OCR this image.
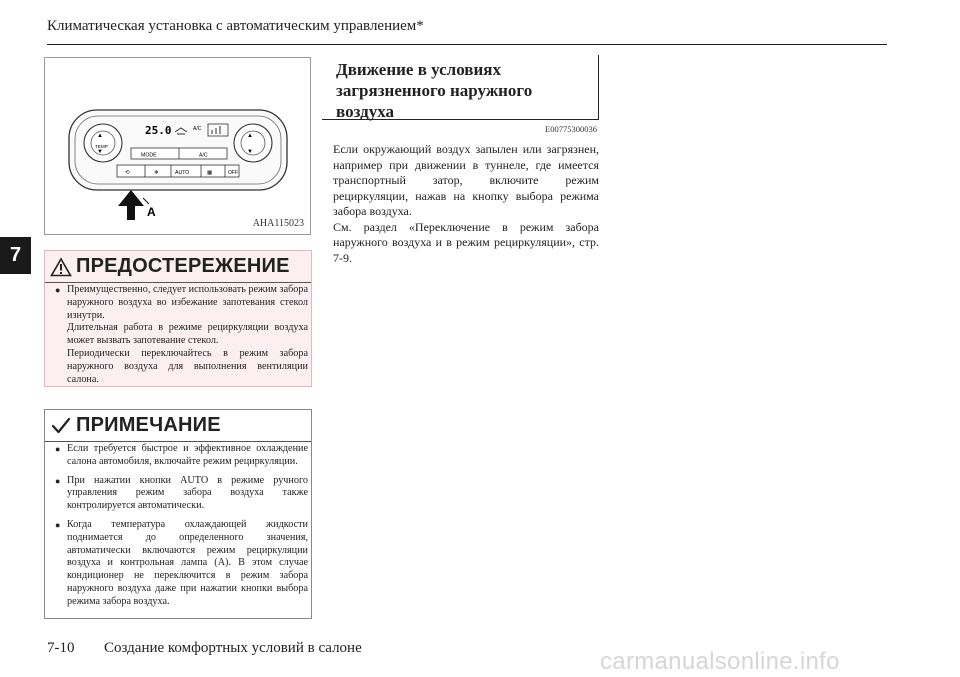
Климатическая установка с автоматическим управлением*
7
▲
▼
TEMP
▲
▼
25.0	A/C
MODE	A/C
⟲	❄	AUTO	▦	OFF
A
AHA115023
ПРЕДОСТЕРЕЖЕНИЕ

● Преимущественно, следует использовать режим забора наружного воздуха во избежание запотевания стекол изнутри.

Длительная работа в режиме рециркуляции воздуха может вызвать запотевание стекол.

Периодически переключайтесь в режим забора наружного воздуха для выполнения вентиляции салона.

ПРИМЕЧАНИЕ
● Если требуется быстрое и эффективное охлаждение салона автомобиля, включайте режим рециркуляции.
● При нажатии кнопки AUTO в режиме ручного управления режим забора воздуха также контролируется автоматически.
● Когда температура охлаждающей жидкости поднимается до определенного значения, автоматически включаются режим рециркуляции воздуха и контрольная лампа (A). В этом случае кондиционер не переключится в режим забора наружного воздуха даже при нажатии кнопки выбора режима забора воздуха.
Движение в условиях загрязненного наружного воздуха
E00775300036

Если окружающий воздух запылен или загрязнен, например при движении в туннеле, где имеется транспортный затор, включите режим рециркуляции, нажав на кнопку выбора режима забора воздуха.

См. раздел «Переключение в режим забора наружного воздуха и в режим рециркуляции», стр. 7-9.

7-10 Создание комфортных условий в салоне	carmanualsonline.info
